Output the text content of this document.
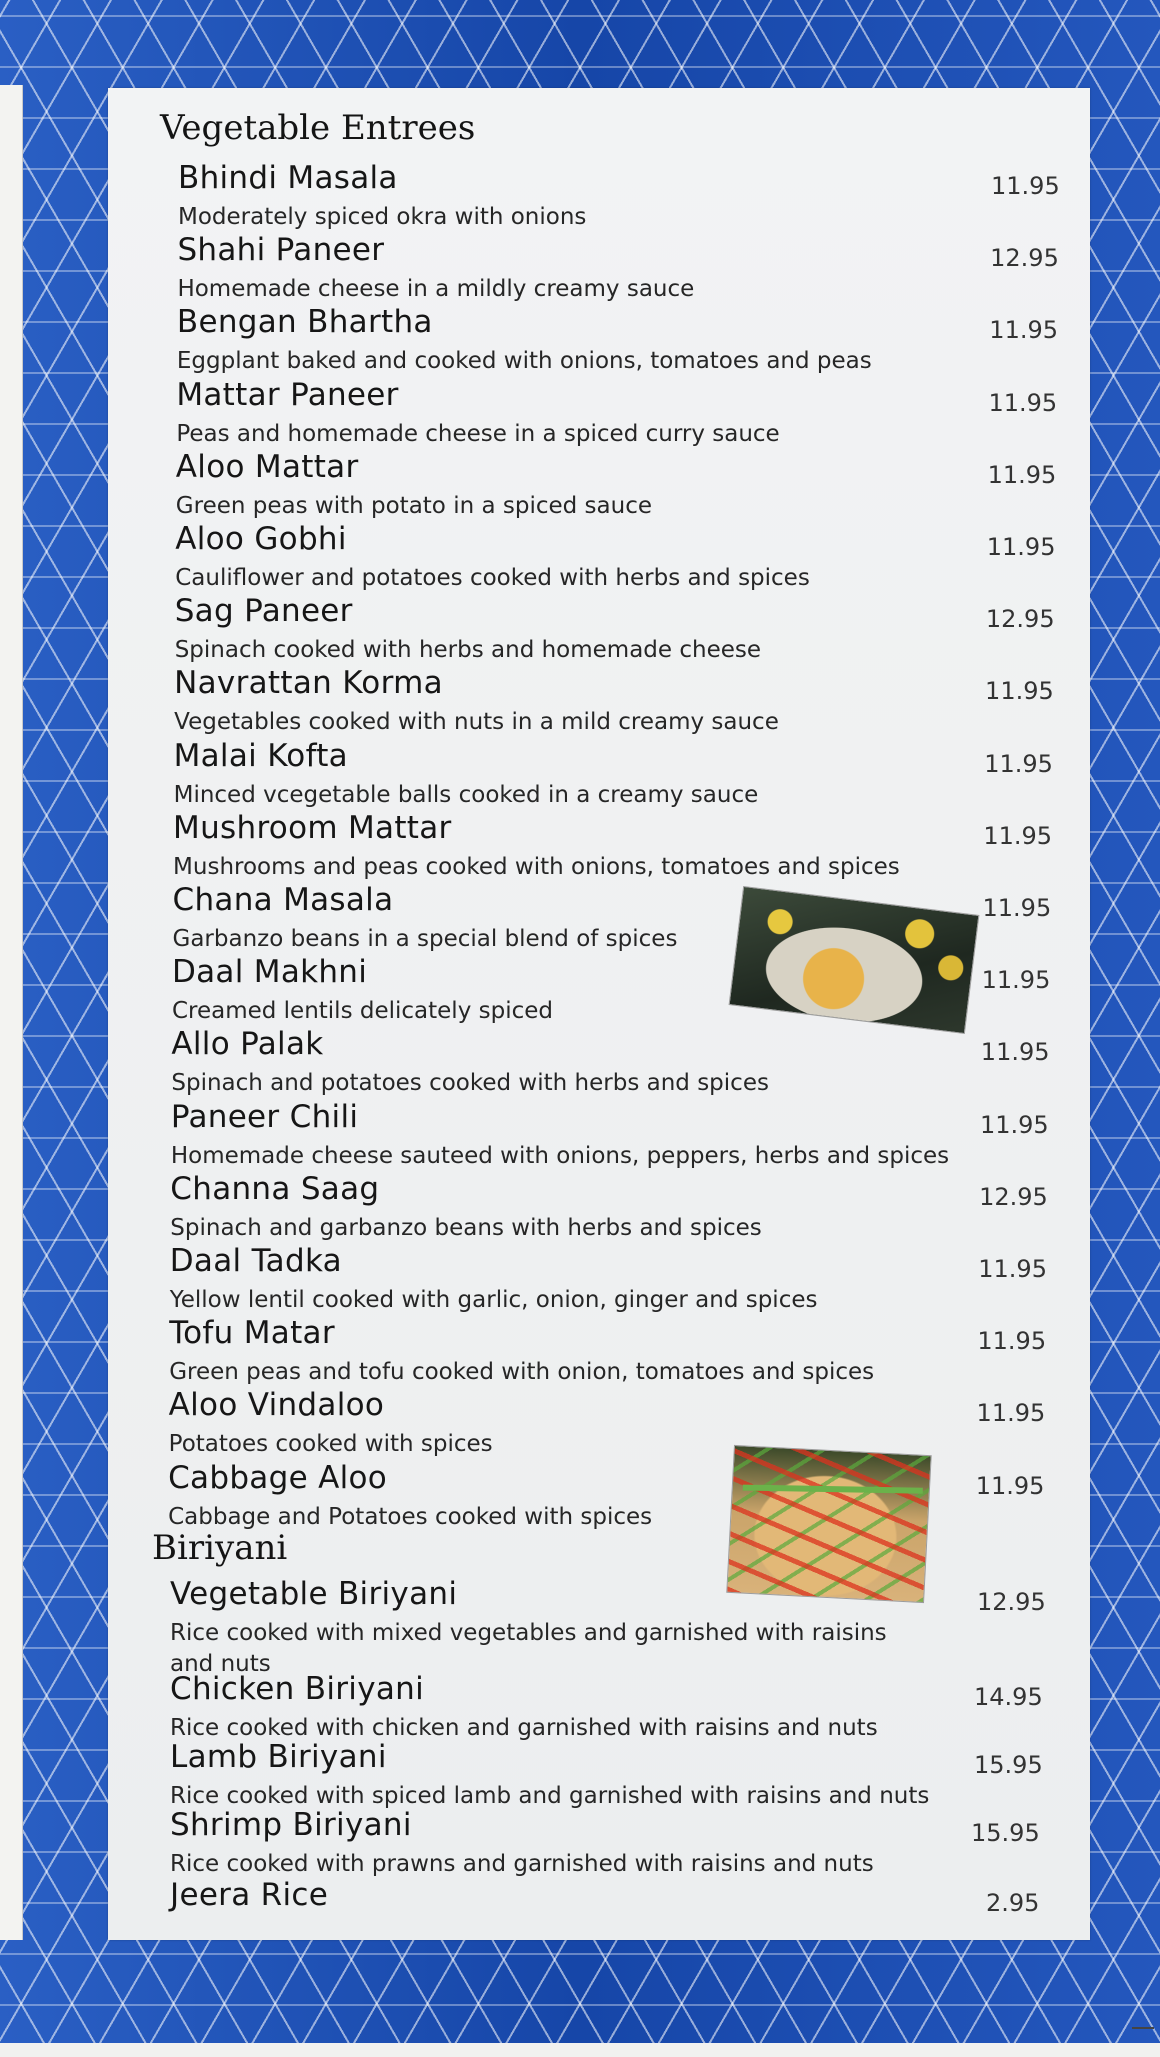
Vegetable Entrees
Bhindi Masala
Moderately spiced okra with onions
11.95
Shahi Paneer
Homemade cheese in a mildly creamy sauce
12.95
Bengan Bhartha
Eggplant baked and cooked with onions, tomatoes and peas
11.95
Mattar Paneer
Peas and homemade cheese in a spiced curry sauce
11.95
Aloo Mattar
Green peas with potato in a spiced sauce
11.95
Aloo Gobhi
Cauliflower and potatoes cooked with herbs and spices
11.95
Sag Paneer
Spinach cooked with herbs and homemade cheese
12.95
Navrattan Korma
Vegetables cooked with nuts in a mild creamy sauce
11.95
Malai Kofta
Minced vcegetable balls cooked in a creamy sauce
11.95
Mushroom Mattar
Mushrooms and peas cooked with onions, tomatoes and spices
11.95
Chana Masala
Garbanzo beans in a special blend of spices
11.95
Daal Makhni
Creamed lentils delicately spiced
11.95
Allo Palak
Spinach and potatoes cooked with herbs and spices
11.95
Paneer Chili
Homemade cheese sauteed with onions, peppers, herbs and spices
11.95
Channa Saag
Spinach and garbanzo beans with herbs and spices
12.95
Daal Tadka
Yellow lentil cooked with garlic, onion, ginger and spices
11.95
Tofu Matar
Green peas and tofu cooked with onion, tomatoes and spices
11.95
Aloo Vindaloo
Potatoes cooked with spices
11.95
Cabbage Aloo
Cabbage and Potatoes cooked with spices
11.95
Biriyani
Vegetable Biriyani
Rice cooked with mixed vegetables and garnished with raisins
and nuts
12.95
Chicken Biriyani
Rice cooked with chicken and garnished with raisins and nuts
14.95
Lamb Biriyani
Rice cooked with spiced lamb and garnished with raisins and nuts
15.95
Shrimp Biriyani
Rice cooked with prawns and garnished with raisins and nuts
15.95
Jeera Rice	2.95
